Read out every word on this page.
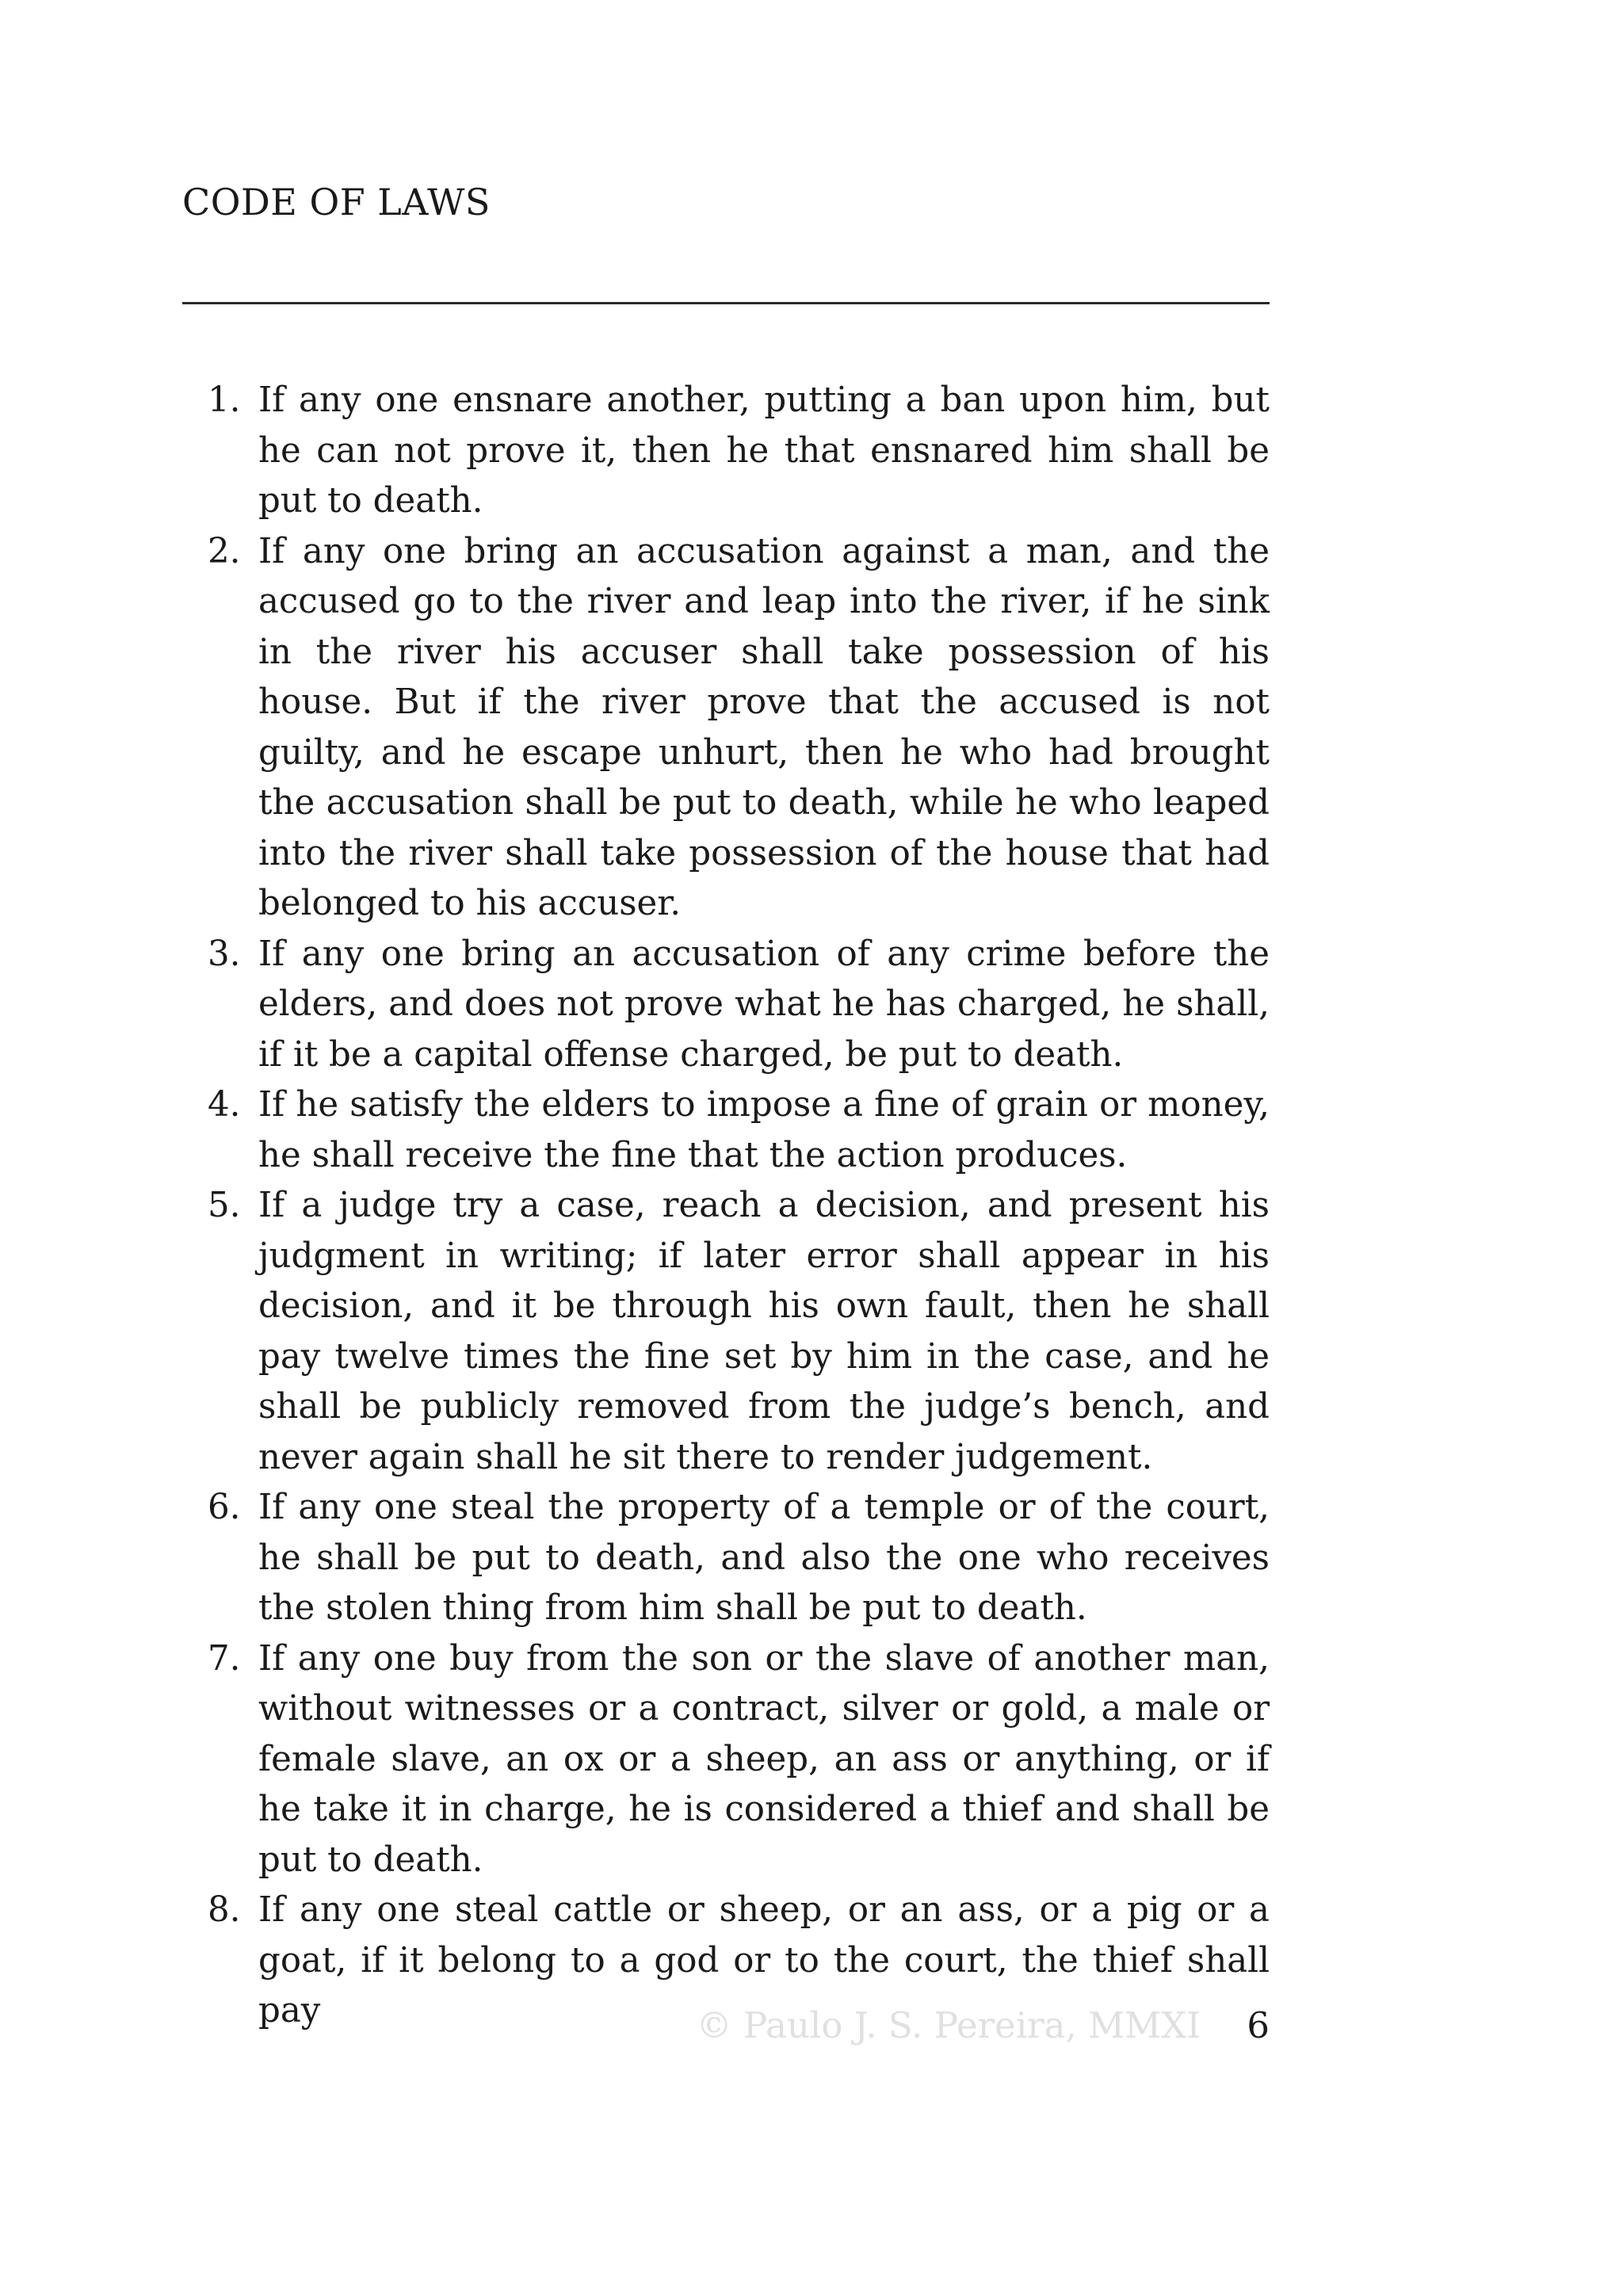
CODE OF LAWS
1. If any one ensnare another, putting a ban upon him, but he can not prove it, then he that ensnared him shall be put to death.
2. If any one bring an accusation against a man, and the accused go to the river and leap into the river, if he sink in the river his accuser shall take possession of his house. But if the river prove that the accused is not guilty, and he escape unhurt, then he who had brought the accusation shall be put to death, while he who leaped into the river shall take possession of the house that had belonged to his accuser.
3. If any one bring an accusation of any crime before the elders, and does not prove what he has charged, he shall, if it be a capital offense charged, be put to death.
4. If he satisfy the elders to impose a fine of grain or money, he shall receive the fine that the action produces.
5. If a judge try a case, reach a decision, and present his judgment in writing; if later error shall appear in his decision, and it be through his own fault, then he shall pay twelve times the fine set by him in the case, and he shall be publicly removed from the judge’s bench, and never again shall he sit there to render judgement.
6. If any one steal the property of a temple or of the court, he shall be put to death, and also the one who receives the stolen thing from him shall be put to death.
7. If any one buy from the son or the slave of another man, without witnesses or a contract, silver or gold, a male or female slave, an ox or a sheep, an ass or anything, or if he take it in charge, he is considered a thief and shall be put to death.
8. If any one steal cattle or sheep, or an ass, or a pig or a goat, if it belong to a god or to the court, the thief shall pay	© Paulo J. S. Pereira, MMXI 6
